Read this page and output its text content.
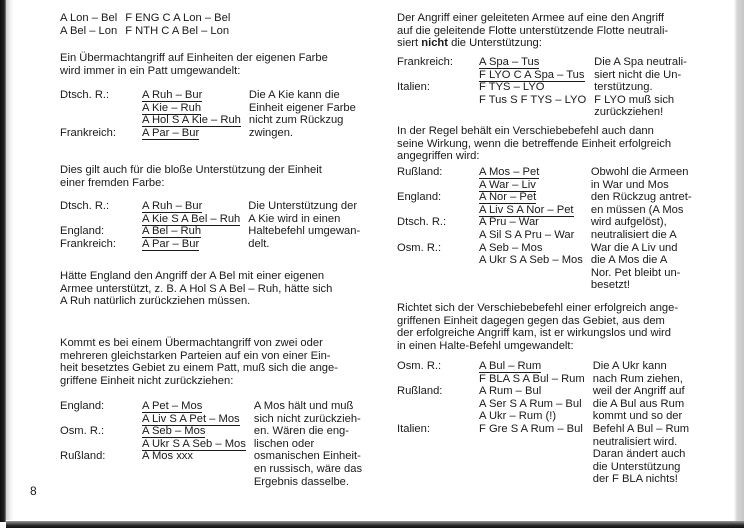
A Lon – Bel F ENG C A Lon – Bel
A Bel – Lon F NTH C A Bel – Lon

Ein Übermachtangriff auf Einheiten der eigenen Farbe

wird immer in ein Patt umgewandelt:

Dtsch. R.:
Frankreich:
A Ruh – Bur
A Kie – Ruh
A Hol S A Kie – Ruh
A Par – Bur
Die A Kie kann die
Einheit eigener Farbe
nicht zum Rückzug
zwingen.

Dies gilt auch für die bloße Unterstützung der Einheit

einer fremden Farbe:

Dtsch. R.:
England:
Frankreich:
A Ruh – Bur
A Kie S A Bel – Ruh
A Bel – Ruh
A Par – Bur
Die Unterstützung der
A Kie wird in einen
Haltebefehl umgewan-
delt.

Hätte England den Angriff der A Bel mit einer eigenen

Armee unterstützt, z. B. A Hol S A Bel – Ruh, hätte sich

A Ruh natürlich zurückziehen müssen.

Kommt es bei einem Übermachtangriff von zwei oder

mehreren gleichstarken Parteien auf ein von einer Ein-

heit besetztes Gebiet zu einem Patt, muß sich die ange-

griffene Einheit nicht zurückziehen:

England:
Osm. R.:
Rußland:
A Pet – Mos
A Liv S A Pet – Mos
A Seb – Mos
A Ukr S A Seb – Mos
A Mos xxx
A Mos hält und muß
sich nicht zurückzieh-
en. Wären die eng-
lischen oder
osmanischen Einheit-
en russisch, wäre das
Ergebnis dasselbe.
8

Der Angriff einer geleiteten Armee auf eine den Angriff

auf die geleitende Flotte unterstützende Flotte neutrali-

siert nicht die Unterstützung:

Frankreich:
Italien:
A Spa – Tus
F LYO C A Spa – Tus
F TYS – LYO
F Tus S F TYS – LYO
Die A Spa neutrali-
siert nicht die Un-
terstützung.
F LYO muß sich
zurückziehen!

In der Regel behält ein Verschiebebefehl auch dann

seine Wirkung, wenn die betreffende Einheit erfolgreich

angegriffen wird:

Rußland:
England:
Dtsch. R.:
Osm. R.:
A Mos – Pet
A War – Liv
A Nor – Pet
A Liv S A Nor – Pet
A Pru – War
A Sil S A Pru – War
A Seb – Mos
A Ukr S A Seb – Mos
Obwohl die Armeen
in War und Mos
den Rückzug antret-
en müssen (A Mos
wird aufgelöst),
neutralisiert die A
War die A Liv und
die A Mos die A
Nor. Pet bleibt un-
besetzt!

Richtet sich der Verschiebebefehl einer erfolgreich ange-

griffenen Einheit dagegen gegen das Gebiet, aus dem

der erfolgreiche Angriff kam, ist er wirkungslos und wird

in einen Halte-Befehl umgewandelt:

Osm. R.:
Rußland:
Italien:
A Bul – Rum
F BLA S A Bul – Rum
A Rum – Bul
A Ser S A Rum – Bul
A Ukr – Rum (!)
F Gre S A Rum – Bul
Die A Ukr kann
nach Rum ziehen,
weil der Angriff auf
die A Bul aus Rum
kommt und so der
Befehl A Bul – Rum
neutralisiert wird.
Daran ändert auch
die Unterstützung
der F BLA nichts!
